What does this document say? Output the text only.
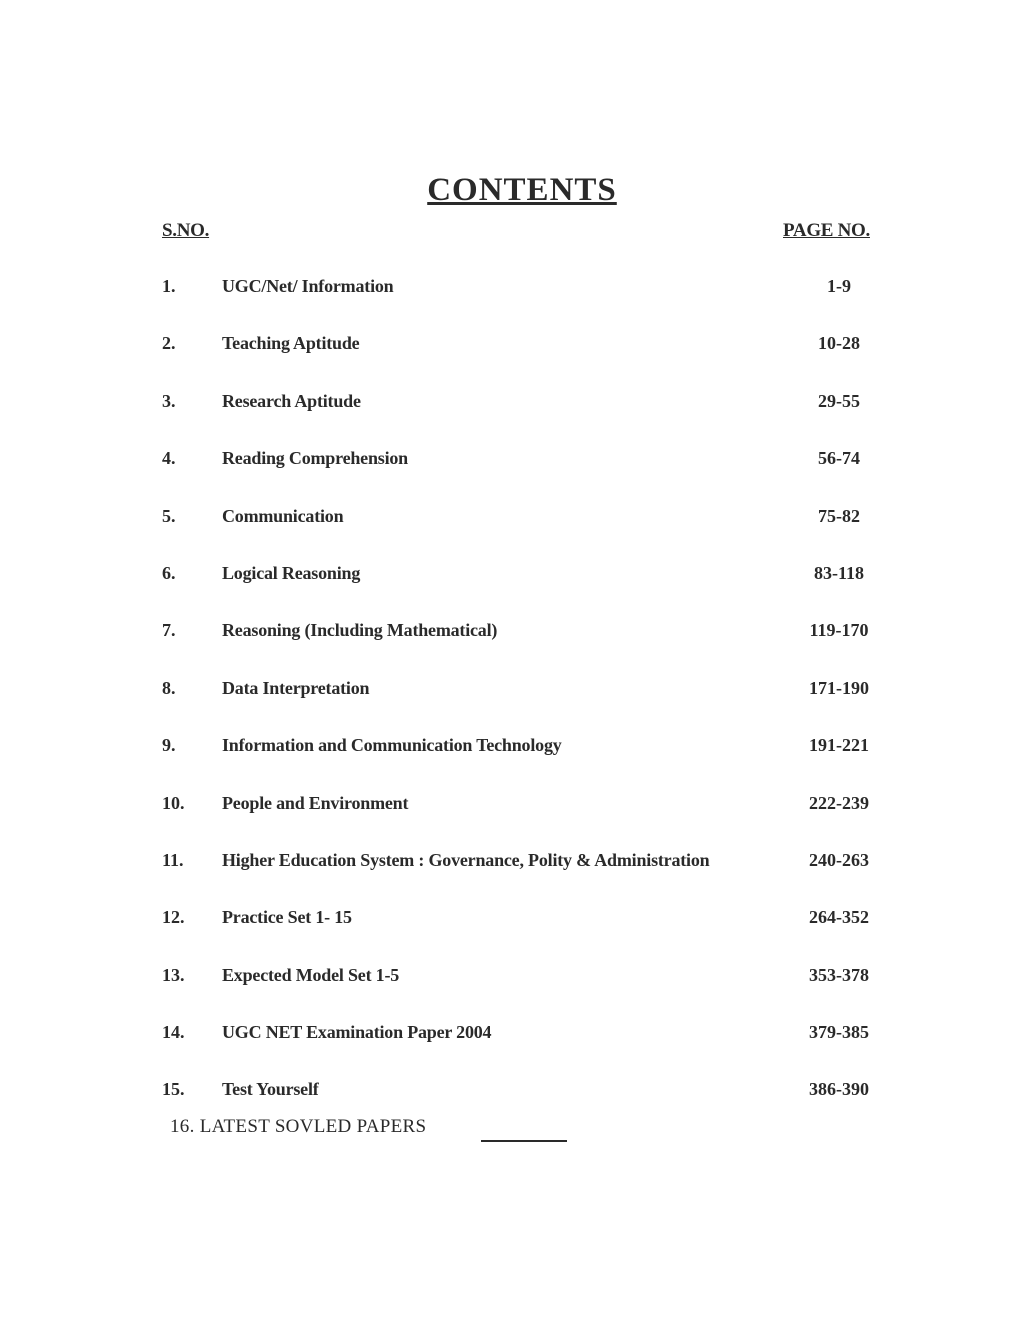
CONTENTS
S.NO.	PAGE NO.
1.	UGC/Net/ Information	1-9
2.	Teaching Aptitude	10-28
3.	Research Aptitude	29-55
4.	Reading Comprehension	56-74
5.	Communication	75-82
6.	Logical Reasoning	83-118
7.	Reasoning (Including Mathematical)	119-170
8.	Data Interpretation	171-190
9.	Information and Communication Technology	191-221
10. People and Environment	222-239
11. Higher Education System : Governance, Polity & Administration	240-263
12. Practice Set 1- 15	264-352
13. Expected Model Set 1-5	353-378
14. UGC NET Examination Paper 2004	379-385
15. Test Yourself	386-390
16. LATEST SOVLED PAPERS
